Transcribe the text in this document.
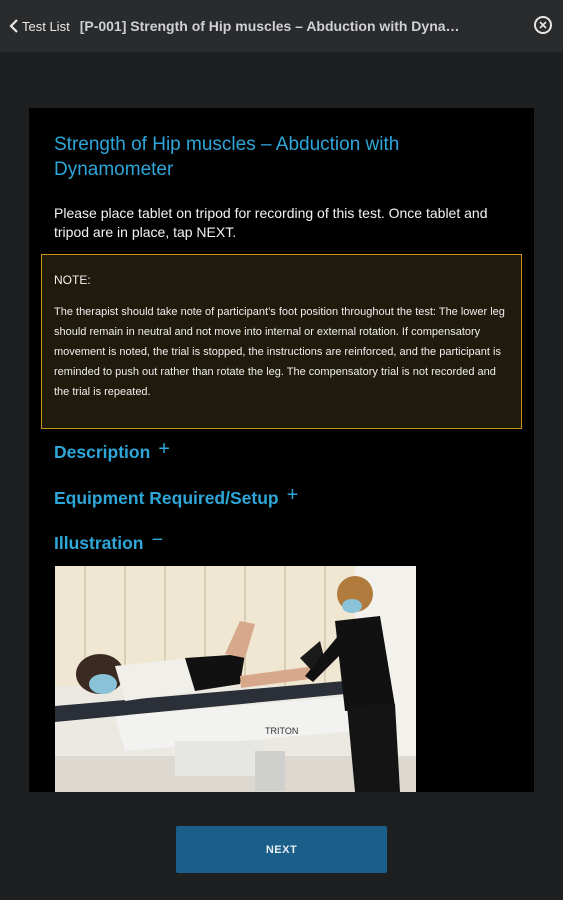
Test List [P-001] Strength of Hip muscles – Abduction with Dyna…
Strength of Hip muscles – Abduction with Dynamometer
Please place tablet on tripod for recording of this test. Once tablet and tripod are in place, tap NEXT.
NOTE:
The therapist should take note of participant’s foot position throughout the test: The lower leg should remain in neutral and not move into internal or external rotation. If compensatory movement is noted, the trial is stopped, the instructions are reinforced, and the participant is reminded to push out rather than rotate the leg. The compensatory trial is not recorded and the trial is repeated.
Description +
Equipment Required/Setup +
Illustration −
TRITON
NEXT
